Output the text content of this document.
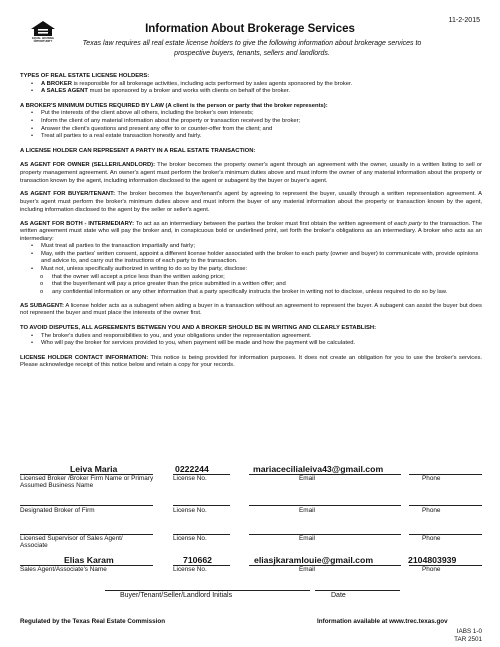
11-2-2015
EQUAL HOUSING
OPPORTUNITY
Information About Brokerage Services
Texas law requires all real estate license holders to give the following information about brokerage services to prospective buyers, tenants, sellers and landlords.
TYPES OF REAL ESTATE LICENSE HOLDERS:
• A BROKER is responsible for all brokerage activities, including acts performed by sales agents sponsored by the broker.
• A SALES AGENT must be sponsored by a broker and works with clients on behalf of the broker.
A BROKER'S MINIMUM DUTIES REQUIRED BY LAW (A client is the person or party that the broker represents):
• Put the interests of the client above all others, including the broker's own interests;
• Inform the client of any material information about the property or transaction received by the broker;
• Answer the client's questions and present any offer to or counter-offer from the client; and
• Treat all parties to a real estate transaction honestly and fairly.
A LICENSE HOLDER CAN REPRESENT A PARTY IN A REAL ESTATE TRANSACTION:

AS AGENT FOR OWNER (SELLER/LANDLORD): The broker becomes the property owner's agent through an agreement with the owner, usually in a written listing to sell or property management agreement. An owner's agent must perform the broker's minimum duties above and must inform the owner of any material information about the property or transaction known by the agent, including information disclosed to the agent or subagent by the buyer or buyer's agent.

AS AGENT FOR BUYER/TENANT: The broker becomes the buyer/tenant's agent by agreeing to represent the buyer, usually through a written representation agreement. A buyer's agent must perform the broker's minimum duties above and must inform the buyer of any material information about the property or transaction known by the agent, including information disclosed to the agent by the seller or seller's agent.

AS AGENT FOR BOTH - INTERMEDIARY: To act as an intermediary between the parties the broker must first obtain the written agreement of each party to the transaction. The written agreement must state who will pay the broker and, in conspicuous bold or underlined print, set forth the broker's obligations as an intermediary. A broker who acts as an intermediary:

• Must treat all parties to the transaction impartially and fairly;
• May, with the parties' written consent, appoint a different license holder associated with the broker to each party (owner and buyer) to communicate with, provide opinions and advice to, and carry out the instructions of each party to the transaction.
• Must not, unless specifically authorized in writing to do so by the party, disclose:
o that the owner will accept a price less than the written asking price;
o that the buyer/tenant will pay a price greater than the price submitted in a written offer; and
o any confidential information or any other information that a party specifically instructs the broker in writing not to disclose, unless required to do so by law.

AS SUBAGENT: A license holder acts as a subagent when aiding a buyer in a transaction without an agreement to represent the buyer. A subagent can assist the buyer but does not represent the buyer and must place the interests of the owner first.

TO AVOID DISPUTES, ALL AGREEMENTS BETWEEN YOU AND A BROKER SHOULD BE IN WRITING AND CLEARLY ESTABLISH:
• The broker's duties and responsibilities to you, and your obligations under the representation agreement.
• Who will pay the broker for services provided to you, when payment will be made and how the payment will be calculated.

LICENSE HOLDER CONTACT INFORMATION: This notice is being provided for information purposes. It does not create an obligation for you to use the broker's services. Please acknowledge receipt of this notice below and retain a copy for your records.

Leiva Maria	0222244	mariacecilialeiva43@gmail.com
Licensed Broker /Broker Firm Name or Primary Assumed Business Name
License No.	Email	Phone
Designated Broker of Firm	License No.	Email	Phone
Licensed Supervisor of Sales Agent/ Associate
License No.	Email	Phone
Elias Karam	710662	eliasjkaramlouie@gmail.com	2104803939
Sales Agent/Associate's Name	License No.	Email	Phone
Buyer/Tenant/Seller/Landlord Initials	Date
Regulated by the Texas Real Estate Commission	Information available at www.trec.texas.gov
IABS 1-0
TAR 2501
